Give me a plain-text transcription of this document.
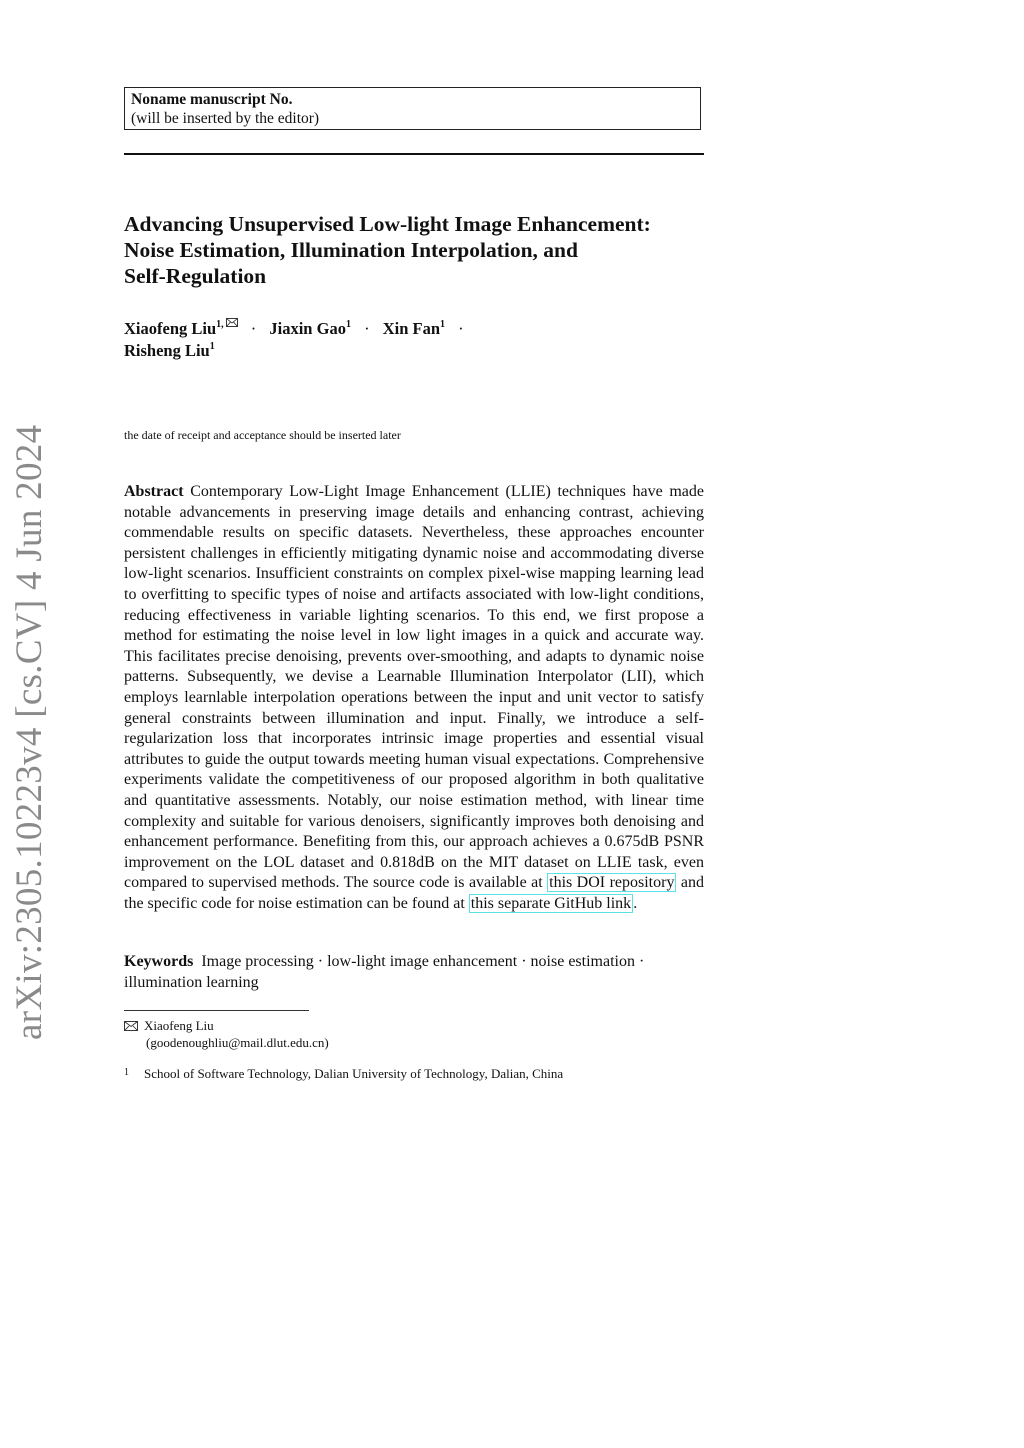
Noname manuscript No.
(will be inserted by the editor)
Advancing Unsupervised Low-light Image Enhancement:
Noise Estimation, Illumination Interpolation, and
Self-Regulation
Xiaofeng Liu$^{1,}$ · Jiaxin Gao$^1$ · Xin Fan$^1$ ·
Risheng Liu$^1$
the date of receipt and acceptance should be inserted later
Abstract Contemporary Low-Light Image Enhancement (LLIE) techniques have made notable advancements in preserving image details and enhancing contrast, achieving commendable results on specific datasets. Nevertheless, these approaches encounter persistent challenges in efficiently mitigating dynamic noise and accommodating diverse low-light scenarios. Insufficient constraints on complex pixel-wise mapping learning lead to overfitting to specific types of noise and artifacts associated with low-light conditions, reducing effectiveness in variable lighting scenarios. To this end, we first propose a method for estimating the noise level in low light images in a quick and accurate way. This facilitates precise denoising, prevents over-smoothing, and adapts to dynamic noise patterns. Subsequently, we devise a Learnable Illumination Interpolator (LII), which employs learnlable interpolation operations between the input and unit vector to satisfy general constraints between illumination and input. Finally, we introduce a self-regularization loss that incorporates intrinsic image properties and essential visual attributes to guide the output towards meeting human visual expectations. Comprehensive experiments validate the competitiveness of our proposed algorithm in both qualitative and quantitative assessments. Notably, our noise estimation method, with linear time complexity and suitable for various denoisers, significantly improves both denoising and enhancement performance. Benefiting from this, our approach achieves a 0.675dB PSNR improvement on the LOL dataset and 0.818dB on the MIT dataset on LLIE task, even compared to supervised methods. The source code is available at this DOI repository and the specific code for noise estimation can be found at this separate GitHub link .
Keywords Image processing · low-light image enhancement · noise estimation · illumination learning
Xiaofeng Liu
(goodenoughliu@mail.dlut.edu.cn)
1 School of Software Technology, Dalian University of Technology, Dalian, China
arXiv:2305.10223v4 [cs.CV] 4 Jun 2024
